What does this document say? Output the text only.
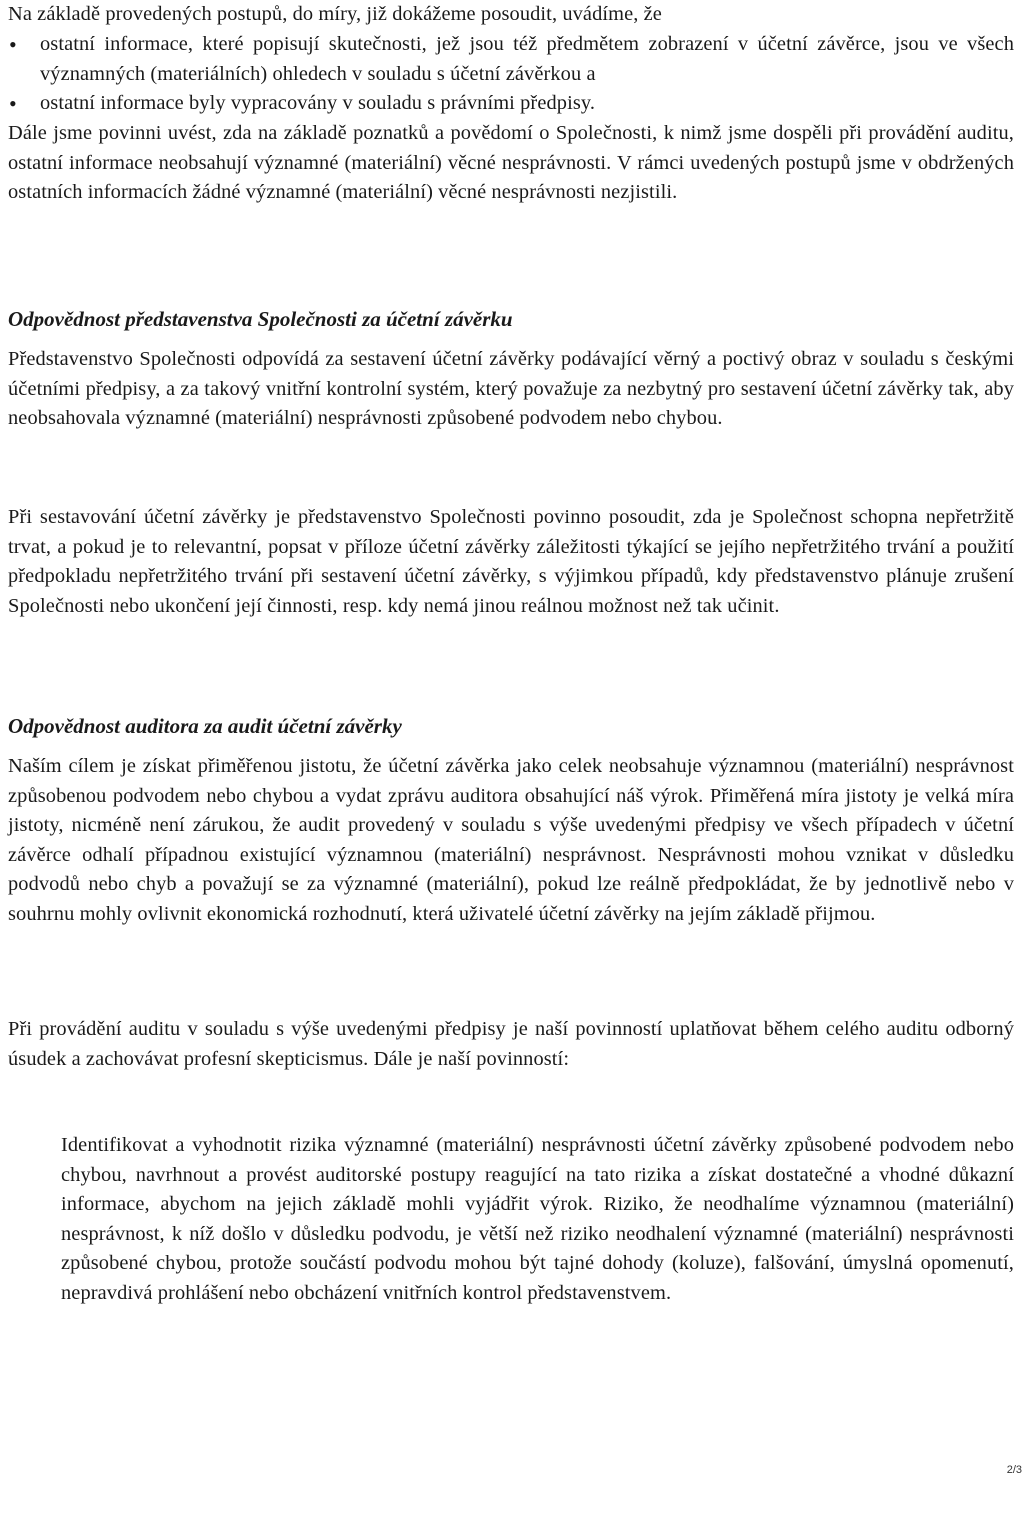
Na základě provedených postupů, do míry, již dokážeme posoudit, uvádíme, že

• ostatní informace, které popisují skutečnosti, jež jsou též předmětem zobrazení v účetní závěrce, jsou ve všech významných (materiálních) ohledech v souladu s účetní závěrkou a
• ostatní informace byly vypracovány v souladu s právními předpisy.

Dále jsme povinni uvést, zda na základě poznatků a povědomí o Společnosti, k nimž jsme dospěli při provádění auditu, ostatní informace neobsahují významné (materiální) věcné nesprávnosti. V rámci uvedených postupů jsme v obdržených ostatních informacích žádné významné (materiální) věcné nesprávnosti nezjistili.

Odpovědnost představenstva Společnosti za účetní závěrku

Představenstvo Společnosti odpovídá za sestavení účetní závěrky podávající věrný a poctivý obraz v souladu s českými účetními předpisy, a za takový vnitřní kontrolní systém, který považuje za nezbytný pro sestavení účetní závěrky tak, aby neobsahovala významné (materiální) nesprávnosti způsobené podvodem nebo chybou.

Při sestavování účetní závěrky je představenstvo Společnosti povinno posoudit, zda je Společnost schopna nepřetržitě trvat, a pokud je to relevantní, popsat v příloze účetní závěrky záležitosti týkající se jejího nepřetržitého trvání a použití předpokladu nepřetržitého trvání při sestavení účetní závěrky, s výjimkou případů, kdy představenstvo plánuje zrušení Společnosti nebo ukončení její činnosti, resp. kdy nemá jinou reálnou možnost než tak učinit.

Odpovědnost auditora za audit účetní závěrky

Naším cílem je získat přiměřenou jistotu, že účetní závěrka jako celek neobsahuje významnou (materiální) nesprávnost způsobenou podvodem nebo chybou a vydat zprávu auditora obsahující náš výrok. Přiměřená míra jistoty je velká míra jistoty, nicméně není zárukou, že audit provedený v souladu s výše uvedenými předpisy ve všech případech v účetní závěrce odhalí případnou existující významnou (materiální) nesprávnost. Nesprávnosti mohou vznikat v důsledku podvodů nebo chyb a považují se za významné (materiální), pokud lze reálně předpokládat, že by jednotlivě nebo v souhrnu mohly ovlivnit ekonomická rozhodnutí, která uživatelé účetní závěrky na jejím základě přijmou.

Při provádění auditu v souladu s výše uvedenými předpisy je naší povinností uplatňovat během celého auditu odborný úsudek a zachovávat profesní skepticismus. Dále je naší povinností:

Identifikovat a vyhodnotit rizika významné (materiální) nesprávnosti účetní závěrky způsobené podvodem nebo chybou, navrhnout a provést auditorské postupy reagující na tato rizika a získat dostatečné a vhodné důkazní informace, abychom na jejich základě mohli vyjádřit výrok. Riziko, že neodhalíme významnou (materiální) nesprávnost, k níž došlo v důsledku podvodu, je větší než riziko neodhalení významné (materiální) nesprávnosti způsobené chybou, protože součástí podvodu mohou být tajné dohody (koluze), falšování, úmyslná opomenutí, nepravdivá prohlášení nebo obcházení vnitřních kontrol představenstvem.

2/3
